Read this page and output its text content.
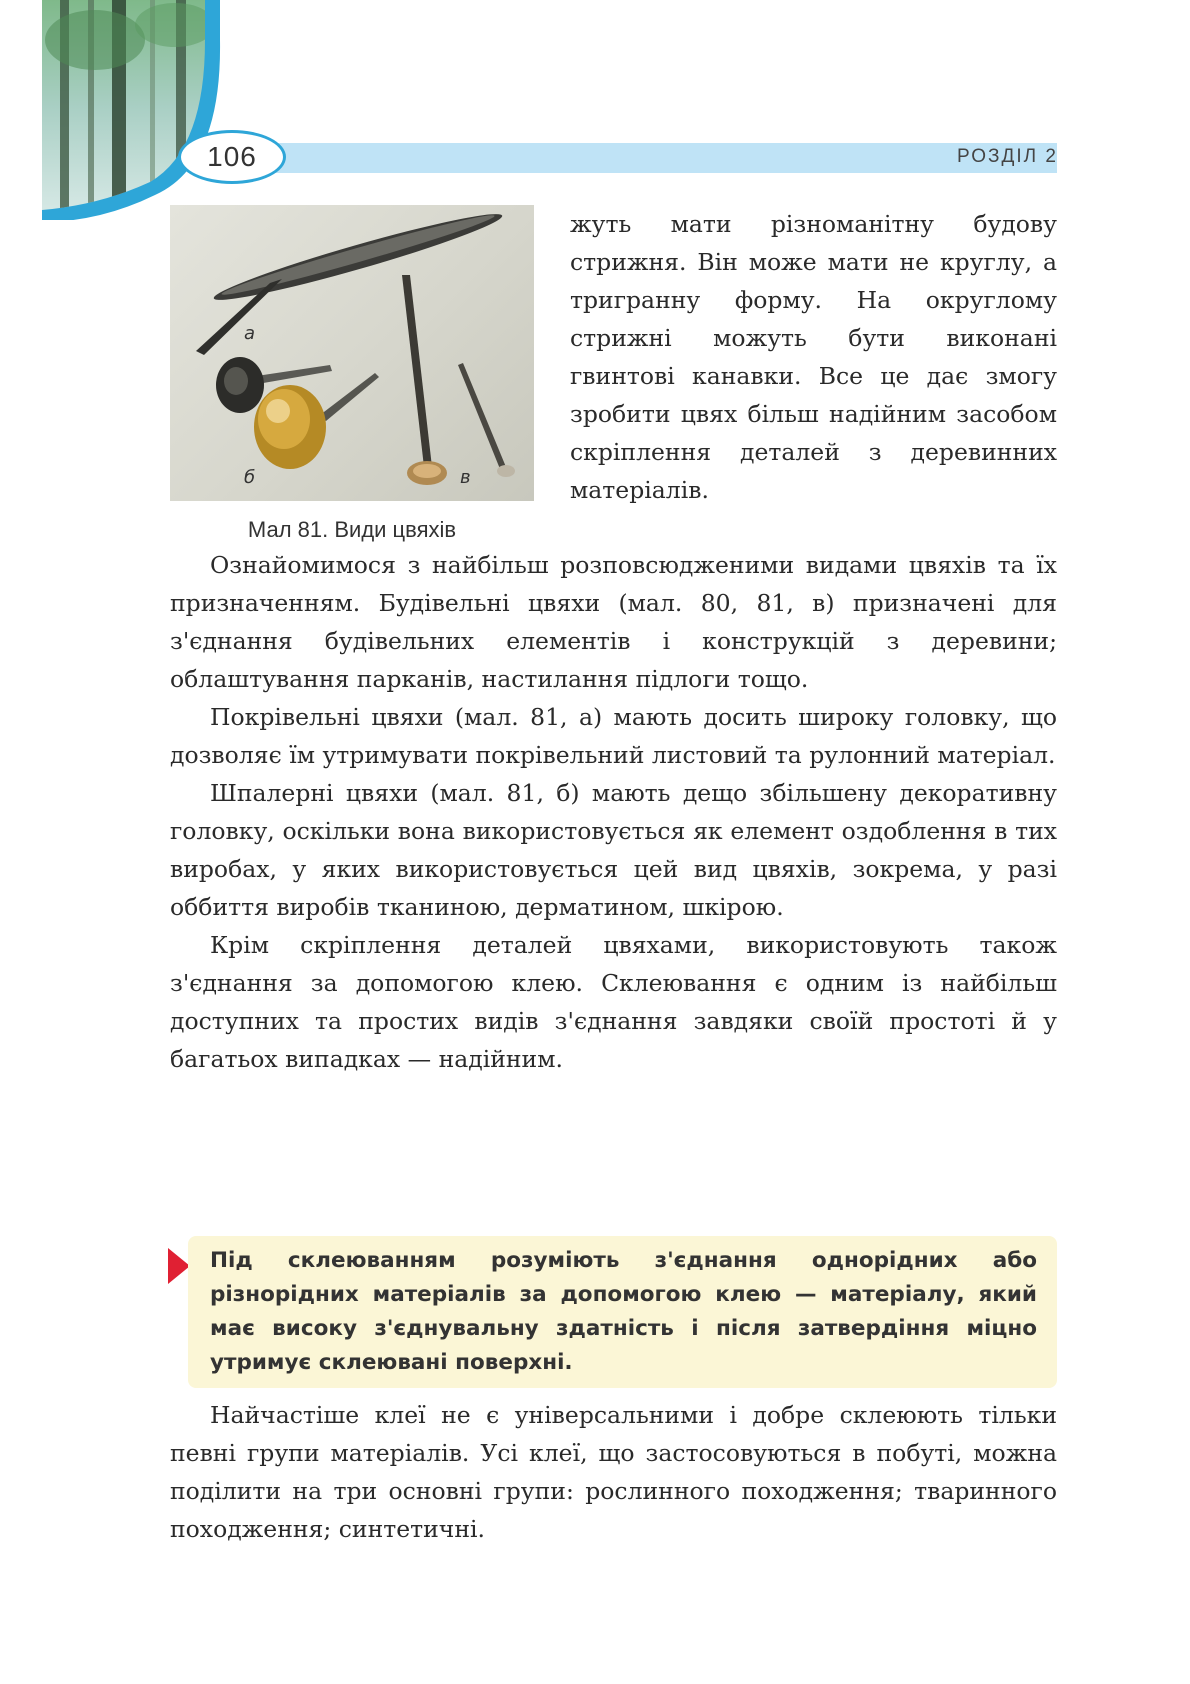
106	РОЗДІЛ 2
а
б	в
Мал 81. Види цвяхів

жуть мати різноманітну будову стрижня. Він може мати не круглу, а тригранну форму. На округлому стрижні можуть бути виконані гвинтові канавки. Все це дає змогу зробити цвях більш надійним засобом скріплення деталей з деревинних матеріалів.

Ознайомимося з найбільш розповсюдженими видами цвяхів та їх призначенням. Будівельні цвяхи (мал. 80, 81, в) призначені для з'єднання будівельних елементів і конструкцій з деревини; облаштування парканів, настилання підлоги тощо.

Покрівельні цвяхи (мал. 81, а) мають досить широку головку, що дозволяє їм утримувати покрівельний листовий та рулонний матеріал.

Шпалерні цвяхи (мал. 81, б) мають дещо збільшену декоративну головку, оскільки вона використовується як елемент оздоблення в тих виробах, у яких використовується цей вид цвяхів, зокрема, у разі оббиття виробів тканиною, дерматином, шкірою.

Крім скріплення деталей цвяхами, використовують також з'єднання за допомогою клею. Склеювання є одним із найбільш доступних та простих видів з'єднання завдяки своїй простоті й у багатьох випадках — надійним.

Під склеюванням розуміють з'єднання однорідних або різнорідних матеріалів за допомогою клею — матеріалу, який має високу з'єднувальну здатність і після затвердіння міцно утримує склеювані поверхні.

Найчастіше клеї не є універсальними і добре склеюють тільки певні групи матеріалів. Усі клеї, що застосовуються в побуті, можна поділити на три основні групи: рослинного походження; тваринного походження; синтетичні.
